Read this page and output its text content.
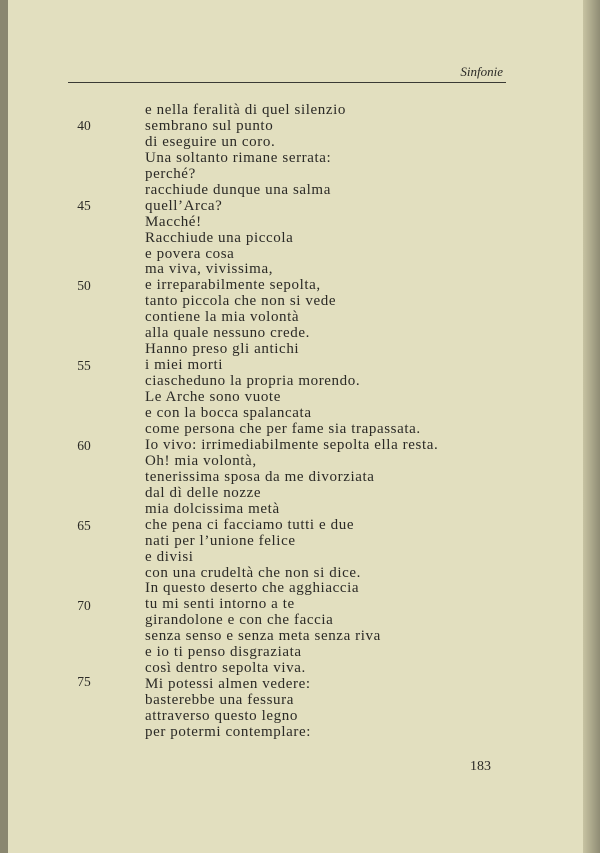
Sinfonie
40
45
50
55
60
65
70
75
e nella feralità di quel silenzio
sembrano sul punto
di eseguire un coro.
Una soltanto rimane serrata:
perché?
racchiude dunque una salma
quell’Arca?
Macché!
Racchiude una piccola
e povera cosa
ma viva, vivissima,
e irreparabilmente sepolta,
tanto piccola che non si vede
contiene la mia volontà
alla quale nessuno crede.
Hanno preso gli antichi
i miei morti
ciascheduno la propria morendo.
Le Arche sono vuote
e con la bocca spalancata
come persona che per fame sia trapassata.
Io vivo: irrimediabilmente sepolta ella resta.
Oh! mia volontà,
tenerissima sposa da me divorziata
dal dì delle nozze
mia dolcissima metà
che pena ci facciamo tutti e due
nati per l’unione felice
e divisi
con una crudeltà che non si dice.
In questo deserto che agghiaccia
tu mi senti intorno a te
girandolone e con che faccia
senza senso e senza meta senza riva
e io ti penso disgraziata
così dentro sepolta viva.
Mi potessi almen vedere:
basterebbe una fessura
attraverso questo legno
per potermi contemplare:
183
